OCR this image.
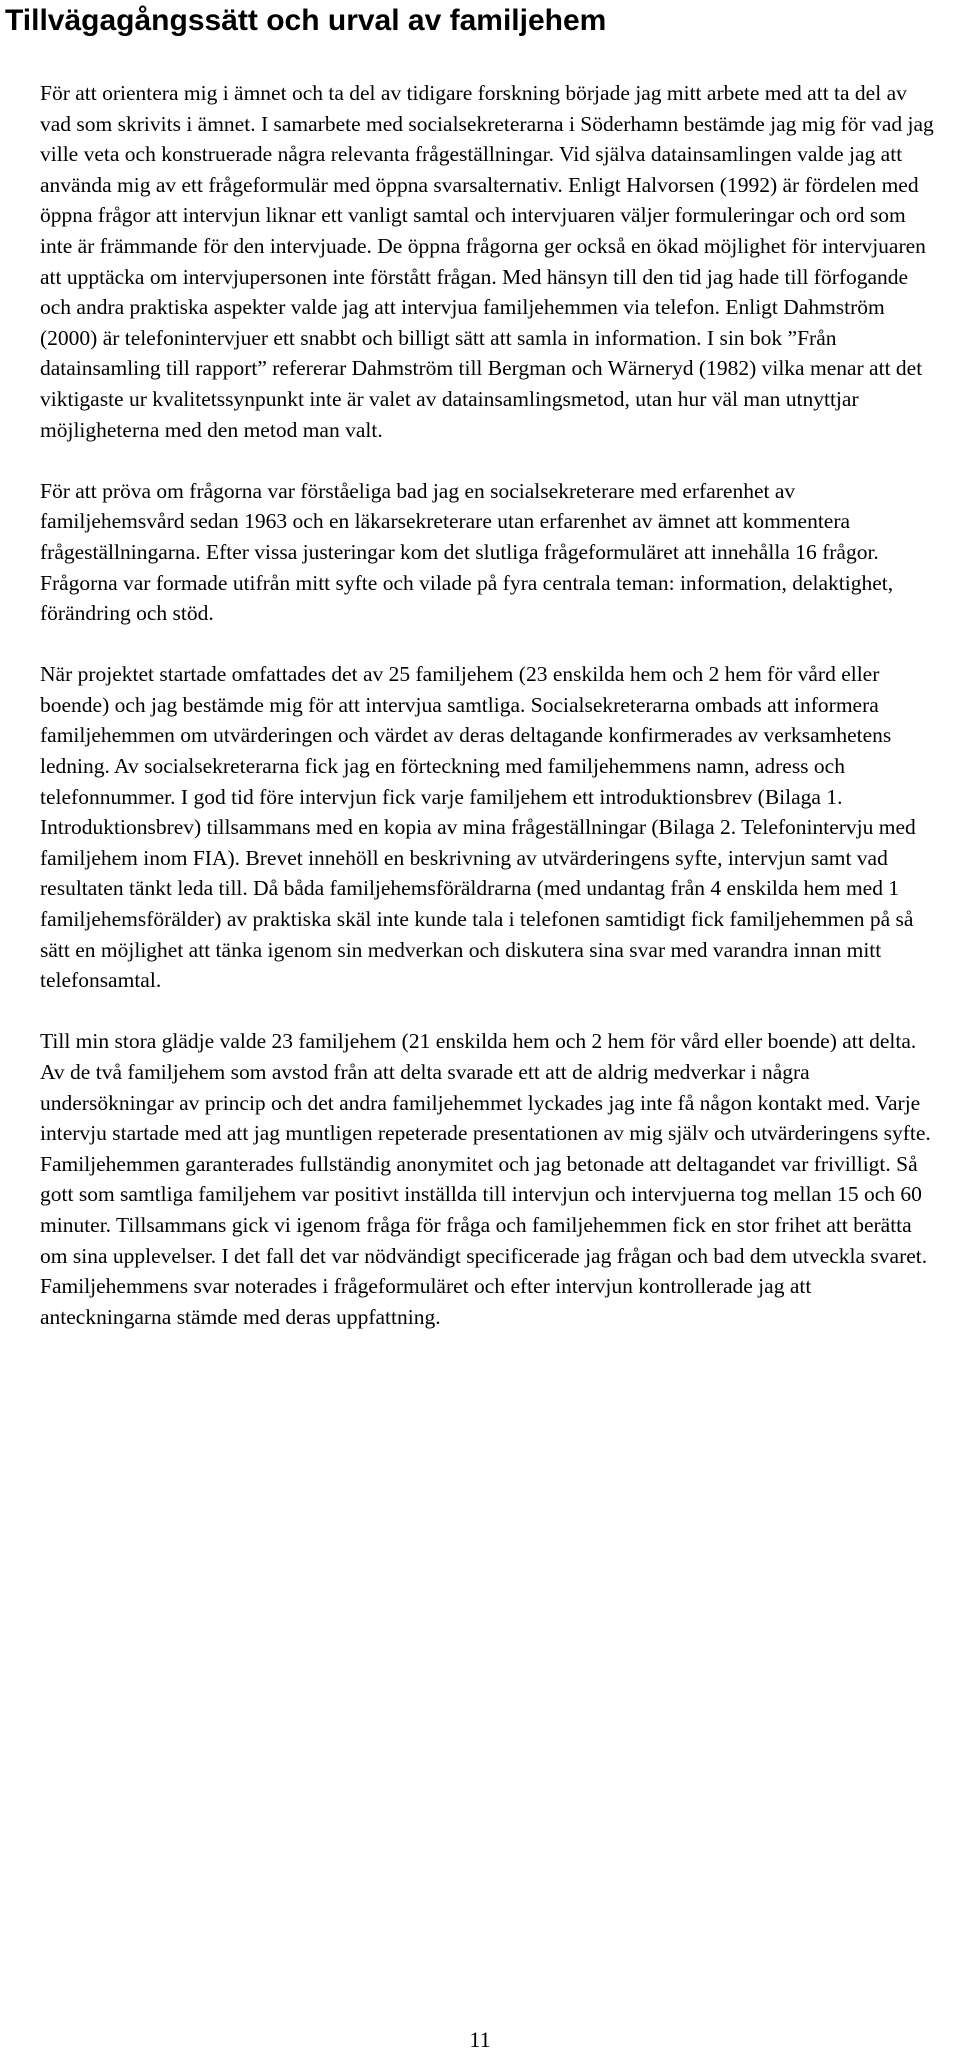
Tillvägagångssätt och urval av familjehem

För att orientera mig i ämnet och ta del av tidigare forskning började jag mitt arbete med att ta del av vad som skrivits i ämnet. I samarbete med socialsekreterarna i Söderhamn bestämde jag mig för vad jag ville veta och konstruerade några relevanta frågeställningar. Vid själva datainsamlingen valde jag att använda mig av ett frågeformulär med öppna svarsalternativ. Enligt Halvorsen (1992) är fördelen med öppna frågor att intervjun liknar ett vanligt samtal och intervjuaren väljer formuleringar och ord som inte är främmande för den intervjuade. De öppna frågorna ger också en ökad möjlighet för intervjuaren att upptäcka om intervjupersonen inte förstått frågan. Med hänsyn till den tid jag hade till förfogande och andra praktiska aspekter valde jag att intervjua familjehemmen via telefon. Enligt Dahmström (2000) är telefonintervjuer ett snabbt och billigt sätt att samla in information. I sin bok ”Från datainsamling till rapport” refererar Dahmström till Bergman och Wärneryd (1982) vilka menar att det viktigaste ur kvalitetssynpunkt inte är valet av datainsamlingsmetod, utan hur väl man utnyttjar möjligheterna med den metod man valt.

För att pröva om frågorna var förståeliga bad jag en socialsekreterare med erfarenhet av familjehemsvård sedan 1963 och en läkarsekreterare utan erfarenhet av ämnet att kommentera frågeställningarna. Efter vissa justeringar kom det slutliga frågeformuläret att innehålla 16 frågor. Frågorna var formade utifrån mitt syfte och vilade på fyra centrala teman: information, delaktighet, förändring och stöd.

När projektet startade omfattades det av 25 familjehem (23 enskilda hem och 2 hem för vård eller boende) och jag bestämde mig för att intervjua samtliga. Socialsekreterarna ombads att informera familjehemmen om utvärderingen och värdet av deras deltagande konfirmerades av verksamhetens ledning. Av socialsekreterarna fick jag en förteckning med familjehemmens namn, adress och telefonnummer. I god tid före intervjun fick varje familjehem ett introduktionsbrev (Bilaga 1. Introduktionsbrev) tillsammans med en kopia av mina frågeställningar (Bilaga 2. Telefonintervju med familjehem inom FIA). Brevet innehöll en beskrivning av utvärderingens syfte, intervjun samt vad resultaten tänkt leda till. Då båda familjehemsföräldrarna (med undantag från 4 enskilda hem med 1 familjehemsförälder) av praktiska skäl inte kunde tala i telefonen samtidigt fick familjehemmen på så sätt en möjlighet att tänka igenom sin medverkan och diskutera sina svar med varandra innan mitt telefonsamtal.

Till min stora glädje valde 23 familjehem (21 enskilda hem och 2 hem för vård eller boende) att delta. Av de två familjehem som avstod från att delta svarade ett att de aldrig medverkar i några undersökningar av princip och det andra familjehemmet lyckades jag inte få någon kontakt med. Varje intervju startade med att jag muntligen repeterade presentationen av mig själv och utvärderingens syfte. Familjehemmen garanterades fullständig anonymitet och jag betonade att deltagandet var frivilligt. Så gott som samtliga familjehem var positivt inställda till intervjun och intervjuerna tog mellan 15 och 60 minuter. Tillsammans gick vi igenom fråga för fråga och familjehemmen fick en stor frihet att berätta om sina upplevelser. I det fall det var nödvändigt specificerade jag frågan och bad dem utveckla svaret. Familjehemmens svar noterades i frågeformuläret och efter intervjun kontrollerade jag att anteckningarna stämde med deras uppfattning.

11
